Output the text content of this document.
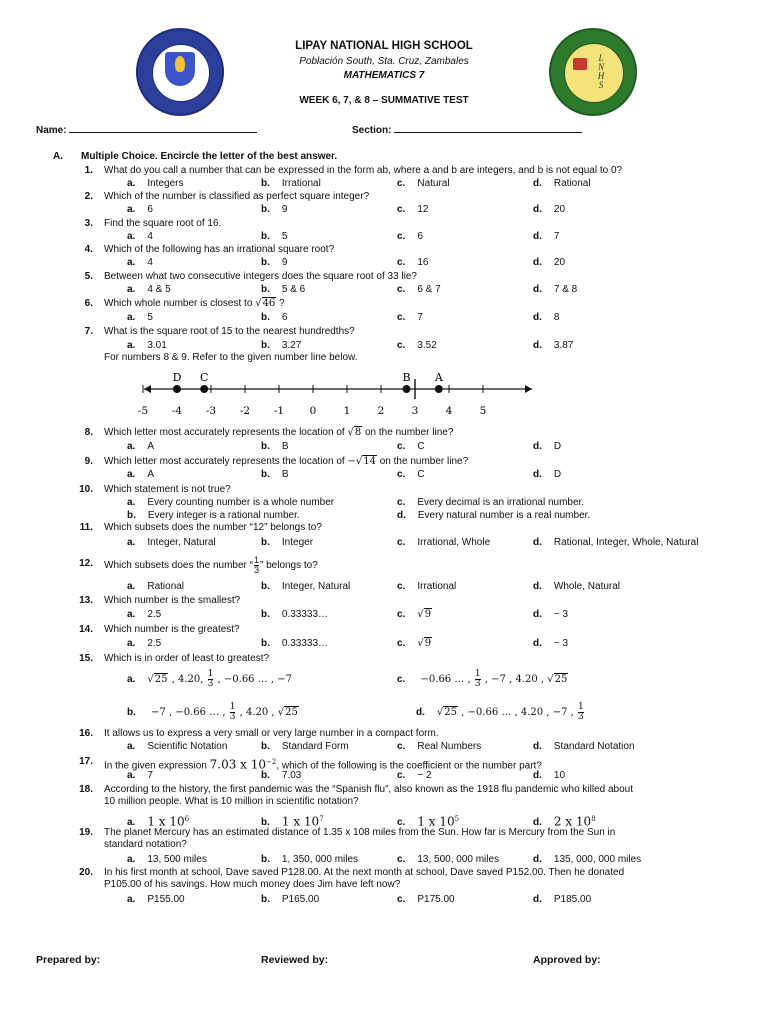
L
N
H
S
LIPAY NATIONAL HIGH SCHOOL
Población South, Sta. Cruz, Zambales
MATHEMATICS 7
WEEK 6, 7, & 8 – SUMMATIVE TEST
Name:	Section:
A. Multiple Choice. Encircle the letter of the best answer.
1. What do you call a number that can be expressed in the form ab, where a and b are integers, and b is not equal to 0?
a. Integers	b. Irrational	c. Natural	d. Rational
2. Which of the number is classified as perfect square integer?
a. 6	b. 9	c. 12	d. 20
3. Find the square root of 16.
a. 4	b. 5	c. 6	d. 7
4. Which of the following has an irrational square root?
a. 4	b. 9	c. 16	d. 20
5. Between what two consecutive integers does the square root of 33 lie?
a. 4 & 5	b. 5 & 6	c. 6 & 7	d. 7 & 8
6. Which whole number is closest to √46 ?
a. 5	b. 6	c. 7	d. 8
7. What is the square root of 15 to the nearest hundredths?
a. 3.01	b. 3.27	c. 3.52	d. 3.87
For numbers 8 & 9. Refer to the given number line below.
8. Which letter most accurately represents the location of √8 on the number line?
9. Which letter most accurately represents the location of −√14 on the number line?
10. Which statement is not true?
a. A	b. B	c. C	d. D
a. A	b. B	c. C	d. D
a. Every counting number is a whole number	c. Every decimal is an irrational number.
b. Every integer is a rational number.	d. Every natural number is a real number.
11. Which subsets does the number “12” belongs to?
a. Integer, Natural	b. Integer	c. Irrational, Whole	d. Rational, Integer, Whole, Natural
12. Which subsets does the number “ $\frac{1}{3}$ ” belongs to?
a. Rational	b. Integer, Natural	c. Irrational	d. Whole, Natural
13. Which number is the smallest?
a. 2.5	b. 0.33333…	c. √9	d. − 3
14. Which number is the greatest?
a. 2.5	b. 0.33333…	c. √9	d. − 3
15. Which is in order of least to greatest?
a. √25 , 4.20, $\frac{1}{3}$ , −0.66 … , −7	c. −0.66 … , $\frac{1}{3}$ , −7 , 4.20 , √25
b. −7 , −0.66 … , $\frac{1}{3}$ , 4.20 , √25	d. √25 , −0.66 … , 4.20 , −7 , $\frac{1}{3}$
16. It allows us to express a very small or very large number in a compact form.
a. Scientific Notation	b. Standard Form	c. Real Numbers	d. Standard Notation
17. In the given expression 7.03 x $10^{-2}$, which of the following is the coefficient or the number part?
a. 7	b. 7.03	c. − 2	d. 10
18. According to the history, the first pandemic was the “Spanish flu”, also known as the 1918 flu pandemic who killed about
10 million people. What is 10 million in scientific notation?
a. 1 x $10^6$	b. 1 x $10^7$	c. 1 x $10^5$	d. 2 x $10^8$
19. The planet Mercury has an estimated distance of 1.35 x 108 miles from the Sun. How far is Mercury from the Sun in
standard notation?
a. 13, 500 miles	b. 1, 350, 000 miles	c. 13, 500, 000 miles	d. 135, 000, 000 miles
20. In his first month at school, Dave saved P128.00. At the next month at school, Dave saved P152.00. Then he donated
P105.00 of his savings. How much money does Jim have left now?
a. P155.00	b. P165.00	c. P175.00	d. P185.00
-5 -4 -3 -2 -1 0	1	2	3	4	5
D C	B A
Prepared by:	Reviewed by:	Approved by:
